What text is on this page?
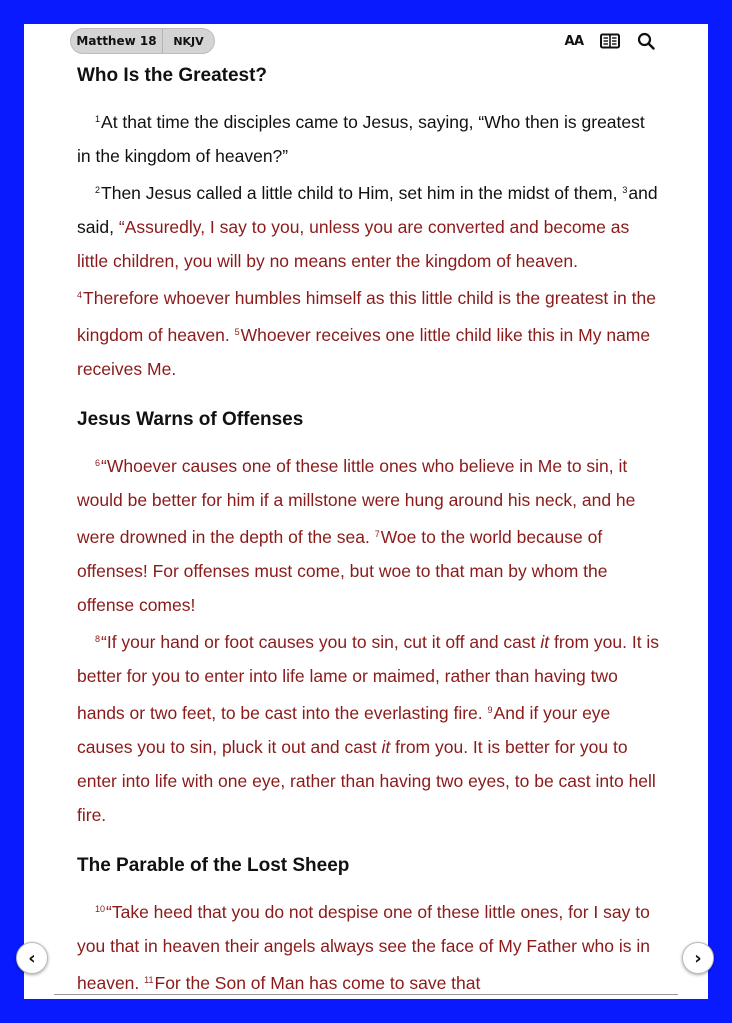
Matthew 18	NKJV	AA
Who Is the Greatest?

$^1$At that time the disciples came to Jesus, saying, “Who then is greatest in the kingdom of heaven?”

$^2$Then Jesus called a little child to Him, set him in the midst of them, $^3$and said, “Assuredly, I say to you, unless you are converted and become as little children, you will by no means enter the kingdom of heaven. $^4$Therefore whoever humbles himself as this little child is the greatest in the kingdom of heaven. $^5$Whoever receives one little child like this in My name receives Me.

Jesus Warns of Offenses

$^6$“Whoever causes one of these little ones who believe in Me to sin, it would be better for him if a millstone were hung around his neck, and he were drowned in the depth of the sea. $^7$Woe to the world because of offenses! For offenses must come, but woe to that man by whom the offense comes!

$^8$“If your hand or foot causes you to sin, cut it off and cast it from you. It is better for you to enter into life lame or maimed, rather than having two hands or two feet, to be cast into the everlasting fire. $^9$And if your eye causes you to sin, pluck it out and cast it from you. It is better for you to enter into life with one eye, rather than having two eyes, to be cast into hell fire.

The Parable of the Lost Sheep

$^{10}$“Take heed that you do not despise one of these little ones, for I say to you that in heaven their angels always see the face of My Father who is in heaven. $^{11}$For the Son of Man has come to save that

‹	›
